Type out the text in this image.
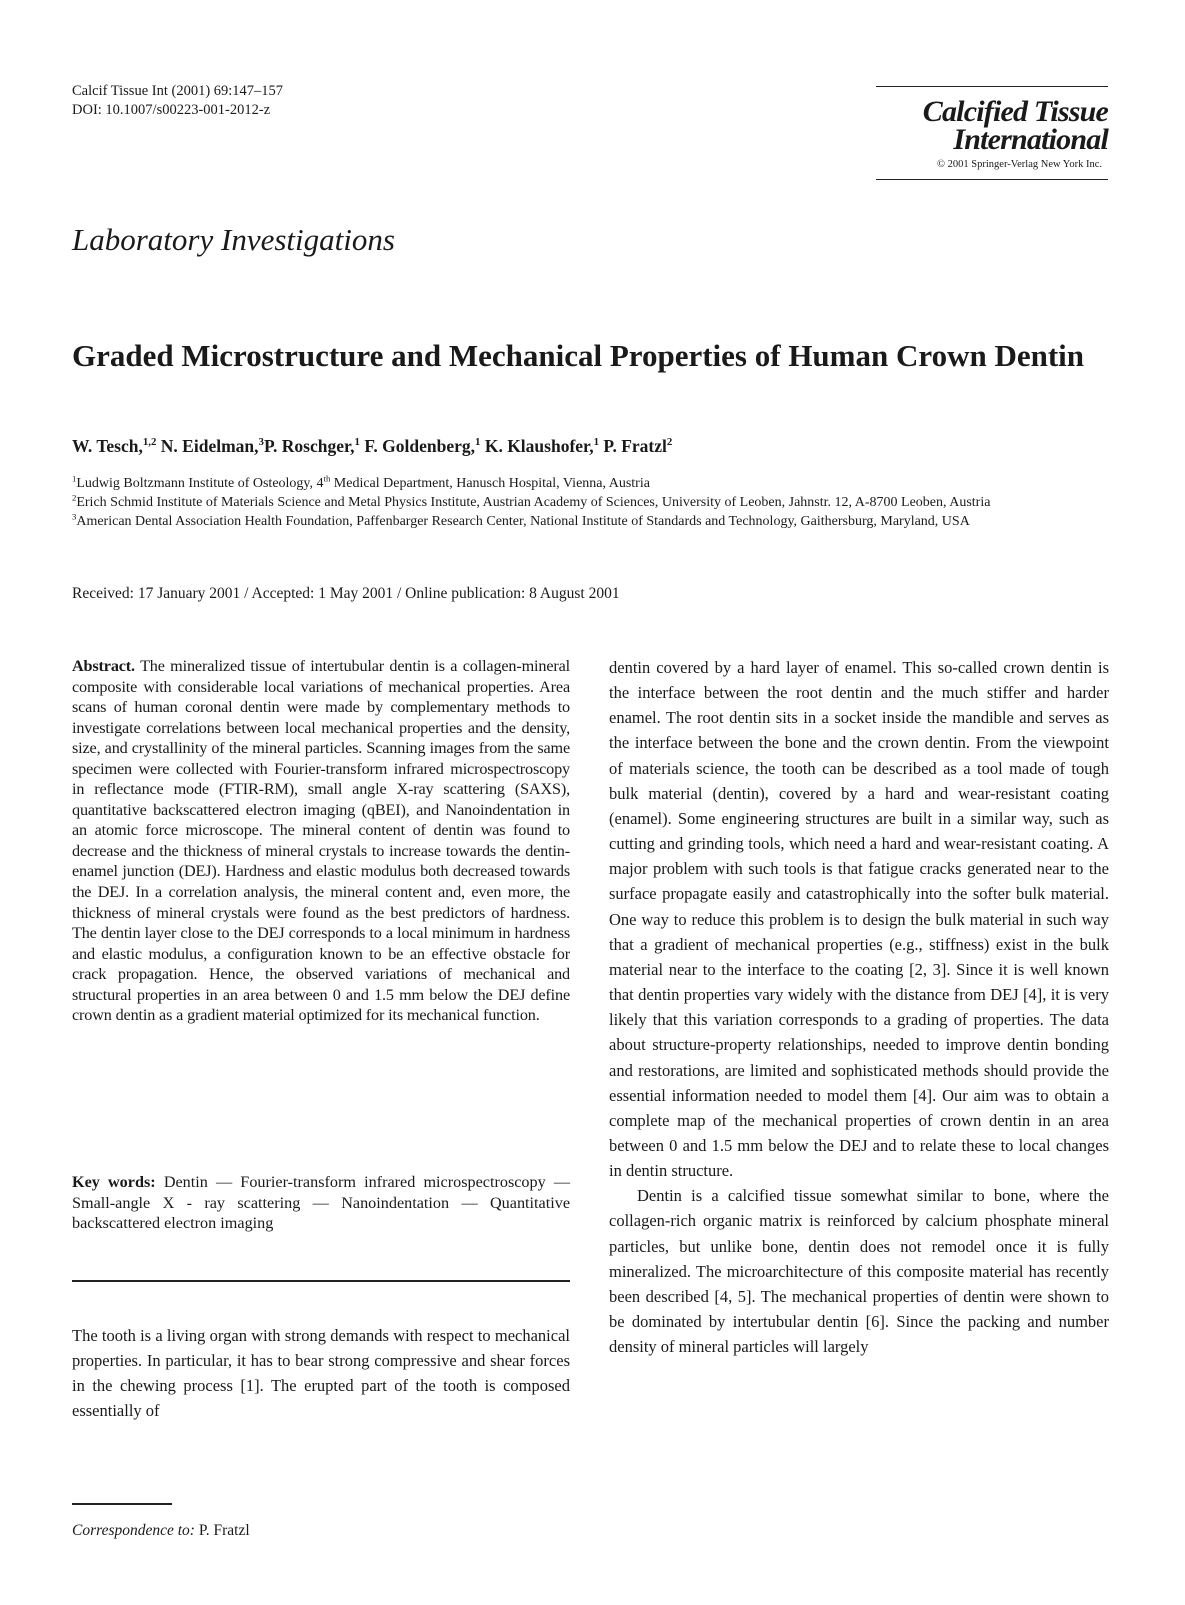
Calcif Tissue Int (2001) 69:147–157
DOI: 10.1007/s00223-001-2012-z	Calcified Tissue
International
© 2001 Springer-Verlag New York Inc.
Laboratory Investigations
Graded Microstructure and Mechanical Properties of Human Crown Dentin
W. Tesch,$^{1,2}$ N. Eidelman,$^3$P. Roschger,$^1$ F. Goldenberg,$^1$ K. Klaushofer,$^1$ P. Fratzl$^2$
$^1$Ludwig Boltzmann Institute of Osteology, 4th Medical Department, Hanusch Hospital, Vienna, Austria
$^2$Erich Schmid Institute of Materials Science and Metal Physics Institute, Austrian Academy of Sciences, University of Leoben, Jahnstr. 12, A-8700 Leoben, Austria
$^3$American Dental Association Health Foundation, Paffenbarger Research Center, National Institute of Standards and Technology, Gaithersburg, Maryland, USA
Received: 17 January 2001 / Accepted: 1 May 2001 / Online publication: 8 August 2001
Abstract. The mineralized tissue of intertubular dentin is a collagen-mineral composite with considerable local variations of mechanical properties. Area scans of human coronal dentin were made by complementary methods to investigate correlations between local mechanical properties and the density, size, and crystallinity of the mineral particles. Scanning images from the same specimen were collected with Fourier-transform infrared microspectroscopy in reflectance mode (FTIR-RM), small angle X-ray scattering (SAXS), quantitative backscattered electron imaging (qBEI), and Nanoindentation in an atomic force microscope. The mineral content of dentin was found to decrease and the thickness of mineral crystals to increase towards the dentin-enamel junction (DEJ). Hardness and elastic modulus both decreased towards the DEJ. In a correlation analysis, the mineral content and, even more, the thickness of mineral crystals were found as the best predictors of hardness. The dentin layer close to the DEJ corresponds to a local minimum in hardness and elastic modulus, a configuration known to be an effective obstacle for crack propagation. Hence, the observed variations of mechanical and structural properties in an area between 0 and 1.5 mm below the DEJ define crown dentin as a gradient material optimized for its mechanical function.
Key words: Dentin — Fourier-transform infrared microspectroscopy — Small-angle X - ray scattering — Nanoindentation — Quantitative backscattered electron imaging
The tooth is a living organ with strong demands with respect to mechanical properties. In particular, it has to bear strong compressive and shear forces in the chewing process [1]. The erupted part of the tooth is composed essentially of
Correspondence to: P. Fratzl

dentin covered by a hard layer of enamel. This so-called crown dentin is the interface between the root dentin and the much stiffer and harder enamel. The root dentin sits in a socket inside the mandible and serves as the interface between the bone and the crown dentin. From the viewpoint of materials science, the tooth can be described as a tool made of tough bulk material (dentin), covered by a hard and wear-resistant coating (enamel). Some engineering structures are built in a similar way, such as cutting and grinding tools, which need a hard and wear-resistant coating. A major problem with such tools is that fatigue cracks generated near to the surface propagate easily and catastrophically into the softer bulk material. One way to reduce this problem is to design the bulk material in such way that a gradient of mechanical properties (e.g., stiffness) exist in the bulk material near to the interface to the coating [2, 3]. Since it is well known that dentin properties vary widely with the distance from DEJ [4], it is very likely that this variation corresponds to a grading of properties. The data about structure-property relationships, needed to improve dentin bonding and restorations, are limited and sophisticated methods should provide the essential information needed to model them [4]. Our aim was to obtain a complete map of the mechanical properties of crown dentin in an area between 0 and 1.5 mm below the DEJ and to relate these to local changes in dentin structure.

Dentin is a calcified tissue somewhat similar to bone, where the collagen-rich organic matrix is reinforced by calcium phosphate mineral particles, but unlike bone, dentin does not remodel once it is fully mineralized. The microarchitecture of this composite material has recently been described [4, 5]. The mechanical properties of dentin were shown to be dominated by intertubular dentin [6]. Since the packing and number density of mineral particles will largely
